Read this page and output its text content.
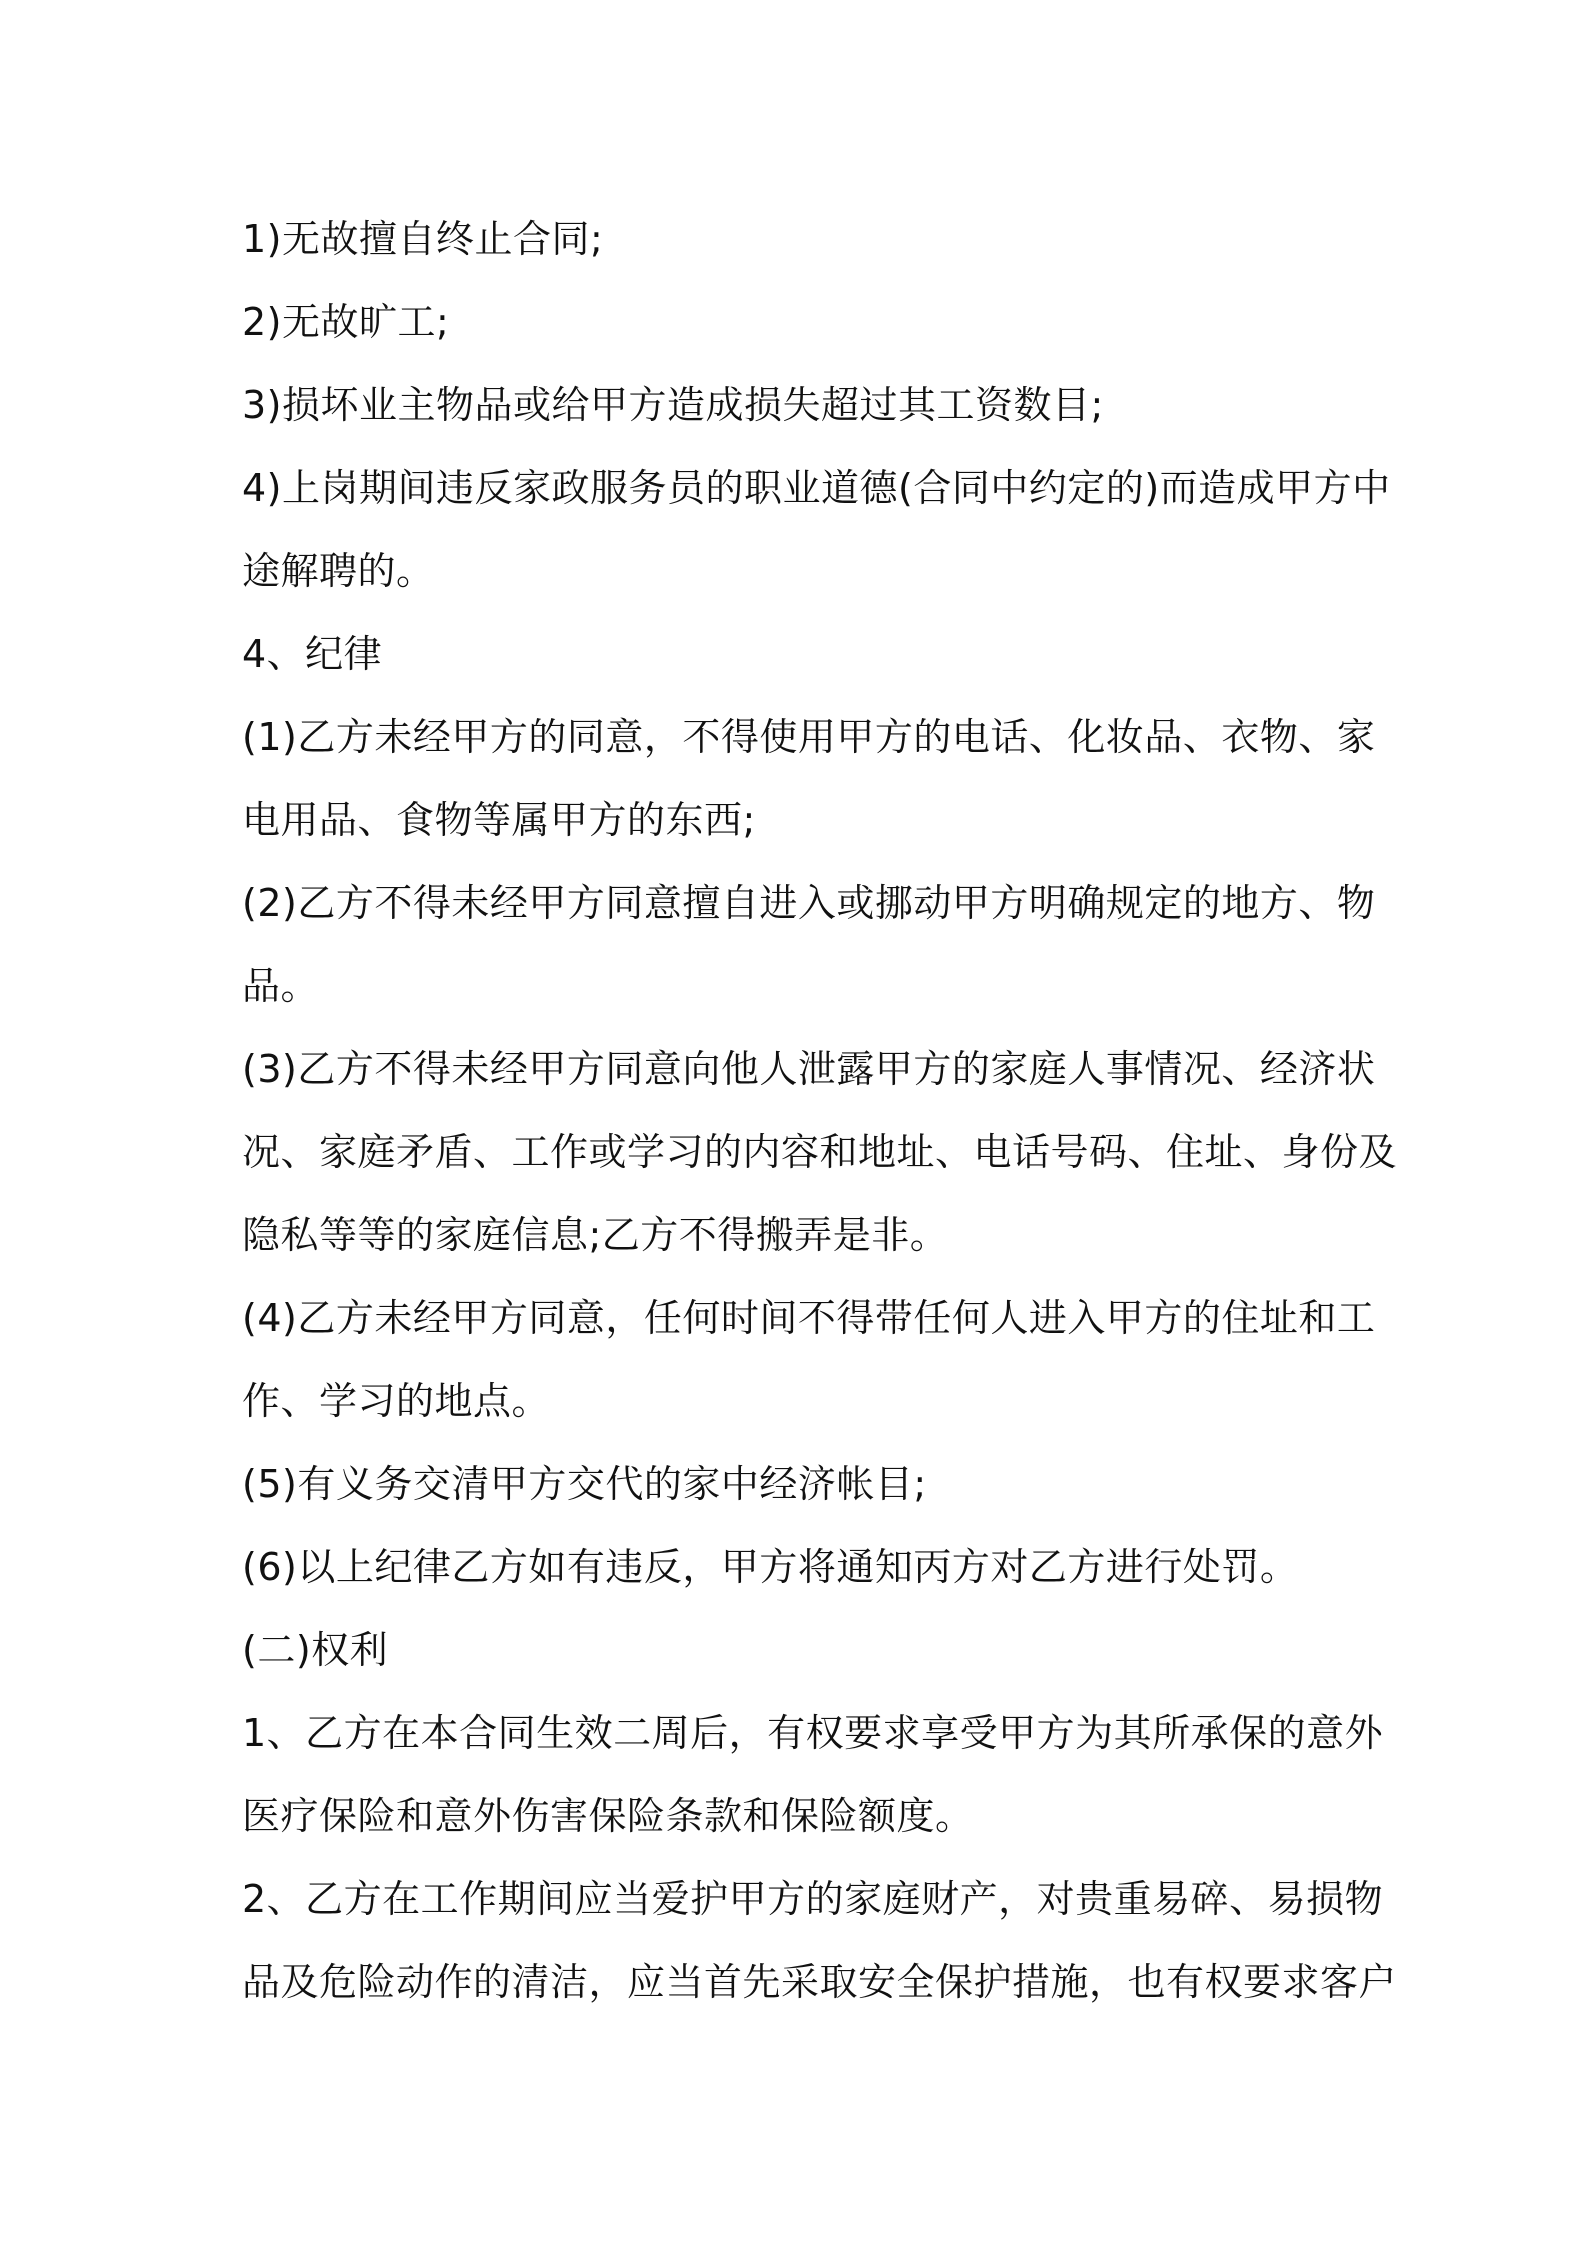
1)无故擅自终止合同;
2)无故旷工;
3)损坏业主物品或给甲方造成损失超过其工资数目;
4)上岗期间违反家政服务员的职业道德(合同中约定的)而造成甲方中
途解聘的。
4、纪律
(1)乙方未经甲方的同意，不得使用甲方的电话、化妆品、衣物、家
电用品、食物等属甲方的东西;
(2)乙方不得未经甲方同意擅自进入或挪动甲方明确规定的地方、物
品。
(3)乙方不得未经甲方同意向他人泄露甲方的家庭人事情况、经济状
况、家庭矛盾、工作或学习的内容和地址、电话号码、住址、身份及
隐私等等的家庭信息;乙方不得搬弄是非。
(4)乙方未经甲方同意，任何时间不得带任何人进入甲方的住址和工
作、学习的地点。
(5)有义务交清甲方交代的家中经济帐目;
(6)以上纪律乙方如有违反，甲方将通知丙方对乙方进行处罚。
(二)权利
1、乙方在本合同生效二周后，有权要求享受甲方为其所承保的意外
医疗保险和意外伤害保险条款和保险额度。
2、乙方在工作期间应当爱护甲方的家庭财产，对贵重易碎、易损物
品及危险动作的清洁，应当首先采取安全保护措施，也有权要求客户
